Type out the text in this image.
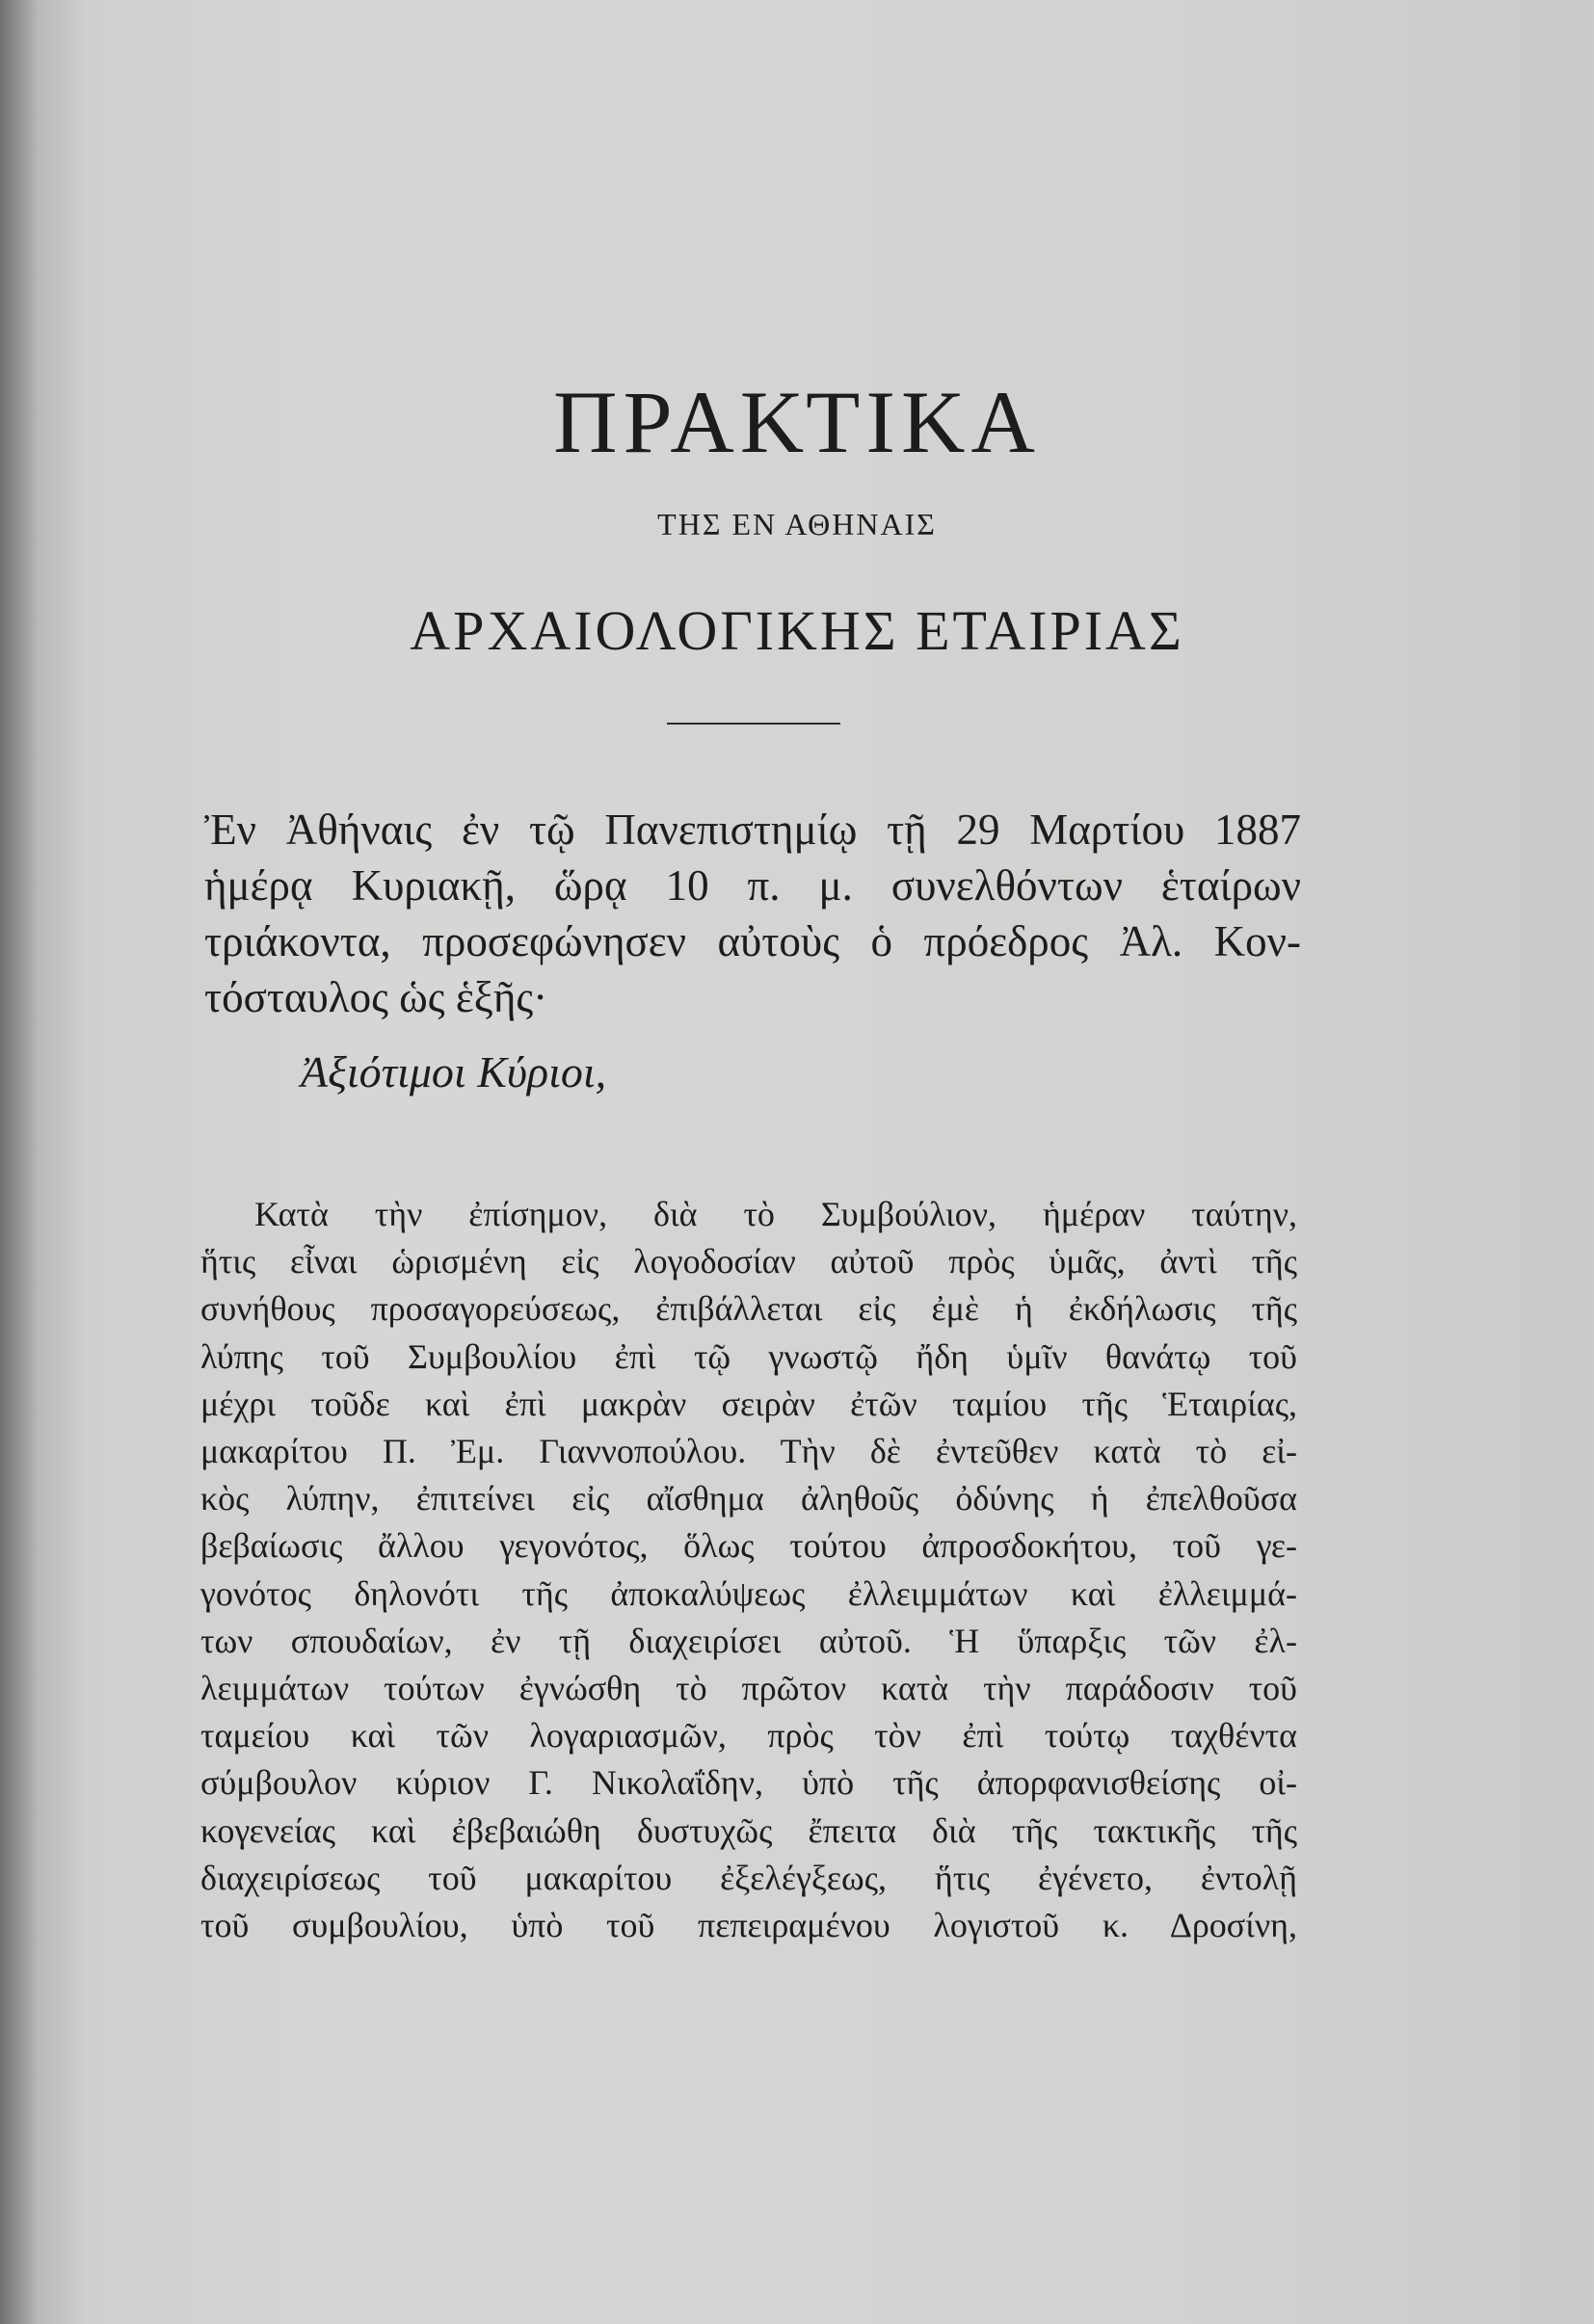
ΠΡΑΚΤΙΚΑ
ΤΗΣ ΕΝ ΑΘΗΝΑΙΣ
ΑΡΧΑΙΟΛΟΓΙΚΗΣ ΕΤΑΙΡΙΑΣ
Ἐν Ἀθήναις ἐν τῷ Πανεπιστημίῳ τῇ 29 Μαρτίου 1887
ἡμέρᾳ Κυριακῇ, ὥρᾳ 10 π. μ. συνελθόντων ἑταίρων
τριάκοντα, προσεφώνησεν αὐτοὺς ὁ πρόεδρος Ἀλ. Κον-
τόσταυλος ὡς ἑξῆς·
Ἀξιότιμοι Κύριοι,
Κατὰ τὴν ἐπίσημον, διὰ τὸ Συμβούλιον, ἡμέραν ταύτην,
ἥτις εἶναι ὡρισμένη εἰς λογοδοσίαν αὐτοῦ πρὸς ὑμᾶς, ἀντὶ τῆς
συνήθους προσαγορεύσεως, ἐπιβάλλεται εἰς ἐμὲ ἡ ἐκδήλωσις τῆς
λύπης τοῦ Συμβουλίου ἐπὶ τῷ γνωστῷ ἤδη ὑμῖν θανάτῳ τοῦ
μέχρι τοῦδε καὶ ἐπὶ μακρὰν σειρὰν ἐτῶν ταμίου τῆς Ἑταιρίας,
μακαρίτου Π. Ἐμ. Γιαννοπούλου. Τὴν δὲ ἐντεῦθεν κατὰ τὸ εἰ-
κὸς λύπην, ἐπιτείνει εἰς αἴσθημα ἀληθοῦς ὀδύνης ἡ ἐπελθοῦσα
βεβαίωσις ἄλλου γεγονότος, ὅλως τούτου ἀπροσδοκήτου, τοῦ γε-
γονότος δηλονότι τῆς ἀποκαλύψεως ἐλλειμμάτων καὶ ἐλλειμμά-
των σπουδαίων, ἐν τῇ διαχειρίσει αὐτοῦ. Ἡ ὕπαρξις τῶν ἐλ-
λειμμάτων τούτων ἐγνώσθη τὸ πρῶτον κατὰ τὴν παράδοσιν τοῦ
ταμείου καὶ τῶν λογαριασμῶν, πρὸς τὸν ἐπὶ τούτῳ ταχθέντα
σύμβουλον κύριον Γ. Νικολαΐδην, ὑπὸ τῆς ἀπορφανισθείσης οἰ-
κογενείας καὶ ἐβεβαιώθη δυστυχῶς ἔπειτα διὰ τῆς τακτικῆς τῆς
διαχειρίσεως τοῦ μακαρίτου ἐξελέγξεως, ἥτις ἐγένετο, ἐντολῇ
τοῦ συμβουλίου, ὑπὸ τοῦ πεπειραμένου λογιστοῦ κ. Δροσίνη,
